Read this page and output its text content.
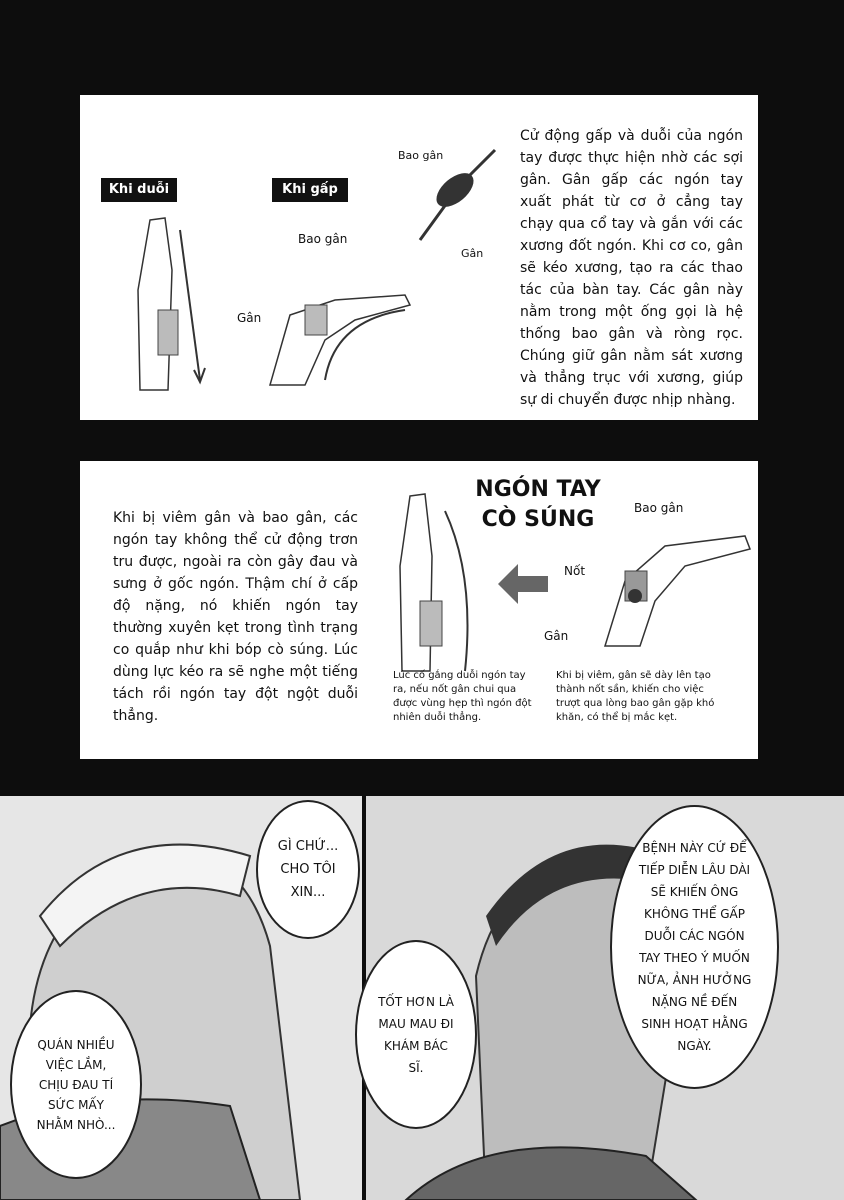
Khi duỗi	Khi gấp
Bao gân
Gân
Bao gân
Gân
Cử động gấp và duỗi của ngón tay được thực hiện nhờ các sợi gân. Gân gấp các ngón tay xuất phát từ cơ ở cẳng tay chạy qua cổ tay và gắn với các xương đốt ngón. Khi cơ co, gân sẽ kéo xương, tạo ra các thao tác của bàn tay. Các gân này nằm trong một ống gọi là hệ thống bao gân và ròng rọc. Chúng giữ gân nằm sát xương và thẳng trục với xương, giúp sự di chuyển được nhịp nhàng.
Khi bị viêm gân và bao gân, các ngón tay không thể cử động trơn tru được, ngoài ra còn gây đau và sưng ở gốc ngón. Thậm chí ở cấp độ nặng, nó khiến ngón tay thường xuyên kẹt trong tình trạng co quắp như khi bóp cò súng. Lúc dùng lực kéo ra sẽ nghe một tiếng tách rồi ngón tay đột ngột duỗi thẳng.
NGÓN TAY
CÒ SÚNG	Bao gân
Nốt
Gân
Lúc cố gắng duỗi ngón tay ra, nếu nốt gân chui qua được vùng hẹp thì ngón đột nhiên duỗi thẳng.
Khi bị viêm, gân sẽ dày lên tạo thành nốt sần, khiến cho việc trượt qua lòng bao gân gặp khó khăn, có thể bị mắc kẹt.
GÌ CHỨ... CHO TÔI XIN...
QUÁN NHIỀU VIỆC LẮM, CHỊU ĐAU TÍ SỨC MẤY NHẰM NHÒ...
TỐT HƠN LÀ MAU MAU ĐI KHÁM BÁC SĨ.
BỆNH NÀY CỨ ĐỂ TIẾP DIỄN LÂU DÀI SẼ KHIẾN ÔNG KHÔNG THỂ GẤP DUỖI CÁC NGÓN TAY THEO Ý MUỐN NỮA, ẢNH HƯỞNG NẶNG NỀ ĐẾN SINH HOẠT HẰNG NGÀY.
